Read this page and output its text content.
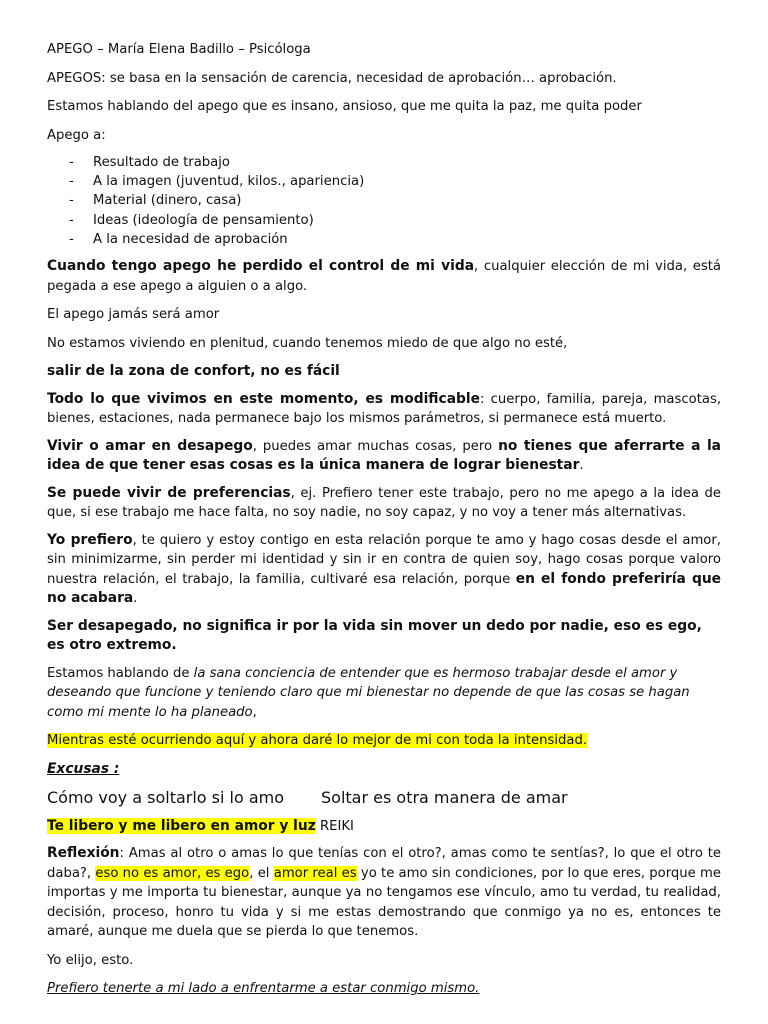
APEGO – María Elena Badillo – Psicóloga

APEGOS: se basa en la sensación de carencia, necesidad de aprobación… aprobación.

Estamos hablando del apego que es insano, ansioso, que me quita la paz, me quita poder

Apego a:

- Resultado de trabajo
- A la imagen (juventud, kilos., apariencia)
- Material (dinero, casa)
- Ideas (ideología de pensamiento)
- A la necesidad de aprobación

Cuando tengo apego he perdido el control de mi vida, cualquier elección de mi vida, está pegada a ese apego a alguien o a algo.

El apego jamás será amor

No estamos viviendo en plenitud, cuando tenemos miedo de que algo no esté,

salir de la zona de confort, no es fácil

Todo lo que vivimos en este momento, es modificable: cuerpo, familia, pareja, mascotas, bienes, estaciones, nada permanece bajo los mismos parámetros, si permanece está muerto.

Vivir o amar en desapego, puedes amar muchas cosas, pero no tienes que aferrarte a la idea de que tener esas cosas es la única manera de lograr bienestar.

Se puede vivir de preferencias, ej. Prefiero tener este trabajo, pero no me apego a la idea de que, si ese trabajo me hace falta, no soy nadie, no soy capaz, y no voy a tener más alternativas.

Yo prefiero, te quiero y estoy contigo en esta relación porque te amo y hago cosas desde el amor, sin minimizarme, sin perder mi identidad y sin ir en contra de quien soy, hago cosas porque valoro nuestra relación, el trabajo, la familia, cultivaré esa relación, porque en el fondo preferiría que no acabara.

Ser desapegado, no significa ir por la vida sin mover un dedo por nadie, eso es ego, es otro extremo.

Estamos hablando de la sana conciencia de entender que es hermoso trabajar desde el amor y deseando que funcione y teniendo claro que mi bienestar no depende de que las cosas se hagan como mi mente lo ha planeado,

Mientras esté ocurriendo aquí y ahora daré lo mejor de mi con toda la intensidad.

Excusas :

Cómo voy a soltarlo si lo amo Soltar es otra manera de amar

Te libero y me libero en amor y luz REIKI

Reflexión: Amas al otro o amas lo que tenías con el otro?, amas como te sentías?, lo que el otro te daba?, eso no es amor, es ego, el amor real es yo te amo sin condiciones, por lo que eres, porque me importas y me importa tu bienestar, aunque ya no tengamos ese vínculo, amo tu verdad, tu realidad, decisión, proceso, honro tu vida y si me estas demostrando que conmigo ya no es, entonces te amaré, aunque me duela que se pierda lo que tenemos.

Yo elijo, esto.

Prefiero tenerte a mi lado a enfrentarme a estar conmigo mismo.
